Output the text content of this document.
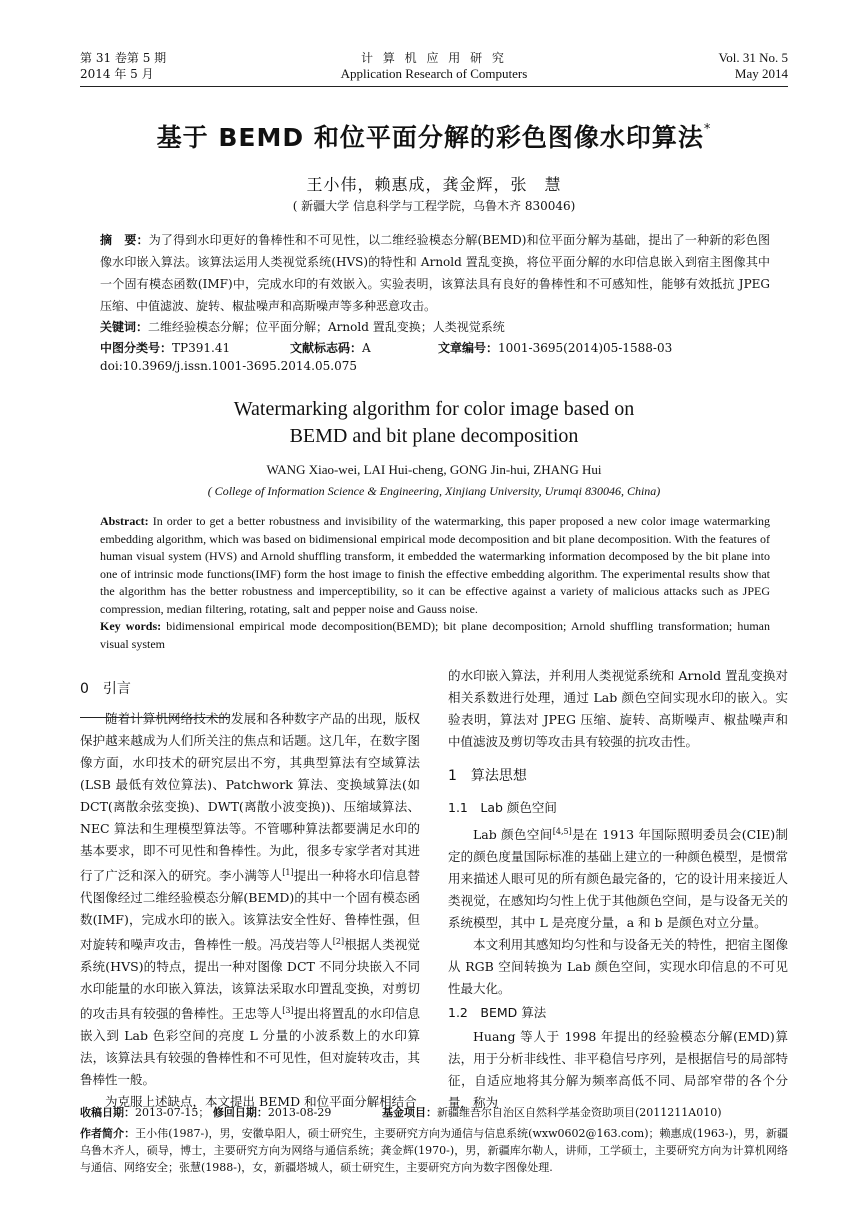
第 31 卷第 5 期
2014 年 5 月
计 算 机 应 用 研 究
Application Research of Computers
Vol. 31 No. 5
May 2014
基于 BEMD 和位平面分解的彩色图像水印算法*
王小伟，赖惠成，龚金辉，张　慧
( 新疆大学 信息科学与工程学院，乌鲁木齐 830046)
摘　要：为了得到水印更好的鲁棒性和不可见性，以二维经验模态分解(BEMD)和位平面分解为基础，提出了一种新的彩色图像水印嵌入算法。该算法运用人类视觉系统(HVS)的特性和 Arnold 置乱变换，将位平面分解的水印信息嵌入到宿主图像其中一个固有模态函数(IMF)中，完成水印的有效嵌入。实验表明，该算法具有良好的鲁棒性和不可感知性，能够有效抵抗 JPEG 压缩、中值滤波、旋转、椒盐噪声和高斯噪声等多种恶意攻击。
关键词：二维经验模态分解；位平面分解；Arnold 置乱变换；人类视觉系统
中图分类号：TP391.41	文献标志码：A	文章编号：1001-3695(2014)05-1588-03
doi:10.3969/j.issn.1001-3695.2014.05.075
Watermarking algorithm for color image based on
BEMD and bit plane decomposition
WANG Xiao-wei, LAI Hui-cheng, GONG Jin-hui, ZHANG Hui
( College of Information Science & Engineering, Xinjiang University, Urumqi 830046, China)
Abstract: In order to get a better robustness and invisibility of the watermarking, this paper proposed a new color image watermarking embedding algorithm, which was based on bidimensional empirical mode decomposition and bit plane decomposition. With the features of human visual system (HVS) and Arnold shuffling transform, it embedded the watermarking information decomposed by the bit plane into one of intrinsic mode functions(IMF) form the host image to finish the effective embedding algorithm. The experimental results show that the algorithm has the better robustness and imperceptibility, so it can be effective against a variety of malicious attacks such as JPEG compression, median filtering, rotating, salt and pepper noise and Gauss noise.
Key words: bidimensional empirical mode decomposition(BEMD); bit plane decomposition; Arnold shuffling transformation; human visual system

0　引言

随着计算机网络技术的发展和各种数字产品的出现，版权保护越来越成为人们所关注的焦点和话题。这几年，在数字图像方面，水印技术的研究层出不穷，其典型算法有空域算法(LSB 最低有效位算法)、Patchwork 算法、变换域算法(如 DCT(离散余弦变换)、DWT(离散小波变换))、压缩域算法、NEC 算法和生理模型算法等。不管哪种算法都要满足水印的基本要求，即不可见性和鲁棒性。为此，很多专家学者对其进行了广泛和深入的研究。李小满等人[1]提出一种将水印信息替代图像经过二维经验模态分解(BEMD)的其中一个固有模态函数(IMF)，完成水印的嵌入。该算法安全性好、鲁棒性强，但对旋转和噪声攻击，鲁棒性一般。冯茂岩等人[2]根据人类视觉系统(HVS)的特点，提出一种对图像 DCT 不同分块嵌入不同水印能量的水印嵌入算法，该算法采取水印置乱变换，对剪切的攻击具有较强的鲁棒性。王忠等人[3]提出将置乱的水印信息嵌入到 Lab 色彩空间的亮度 L 分量的小波系数上的水印算法，该算法具有较强的鲁棒性和不可见性，但对旋转攻击，其鲁棒性一般。

为克服上述缺点，本文提出 BEMD 和位平面分解相结合

的水印嵌入算法，并利用人类视觉系统和 Arnold 置乱变换对相关系数进行处理，通过 Lab 颜色空间实现水印的嵌入。实验表明，算法对 JPEG 压缩、旋转、高斯噪声、椒盐噪声和中值滤波及剪切等攻击具有较强的抗攻击性。

1　算法思想

1.1　Lab 颜色空间

Lab 颜色空间[4,5]是在 1913 年国际照明委员会(CIE)制定的颜色度量国际标准的基础上建立的一种颜色模型，是惯常用来描述人眼可见的所有颜色最完备的，它的设计用来接近人类视觉，在感知均匀性上优于其他颜色空间，是与设备无关的系统模型，其中 L 是亮度分量，a 和 b 是颜色对立分量。

本文利用其感知均匀性和与设备无关的特性，把宿主图像从 RGB 空间转换为 Lab 颜色空间，实现水印信息的不可见性最大化。

1.2　BEMD 算法

Huang 等人于 1998 年提出的经验模态分解(EMD)算法，用于分析非线性、非平稳信号序列，是根据信号的局部特征，自适应地将其分解为频率高低不同、局部窄带的各个分量，称为

收稿日期：2013-07-15； 修回日期：2013-08-29	基金项目：新疆维吾尔自治区自然科学基金资助项目(2011211A010)
作者简介：王小伟(1987-)，男，安徽阜阳人，硕士研究生，主要研究方向为通信与信息系统(wxw0602@163.com)；赖惠成(1963-)，男，新疆乌鲁木齐人，硕导，博士，主要研究方向为网络与通信系统；龚金辉(1970-)，男，新疆库尔勒人，讲师，工学硕士，主要研究方向为计算机网络与通信、网络安全；张慧(1988-)，女，新疆塔城人，硕士研究生，主要研究方向为数字图像处理.
